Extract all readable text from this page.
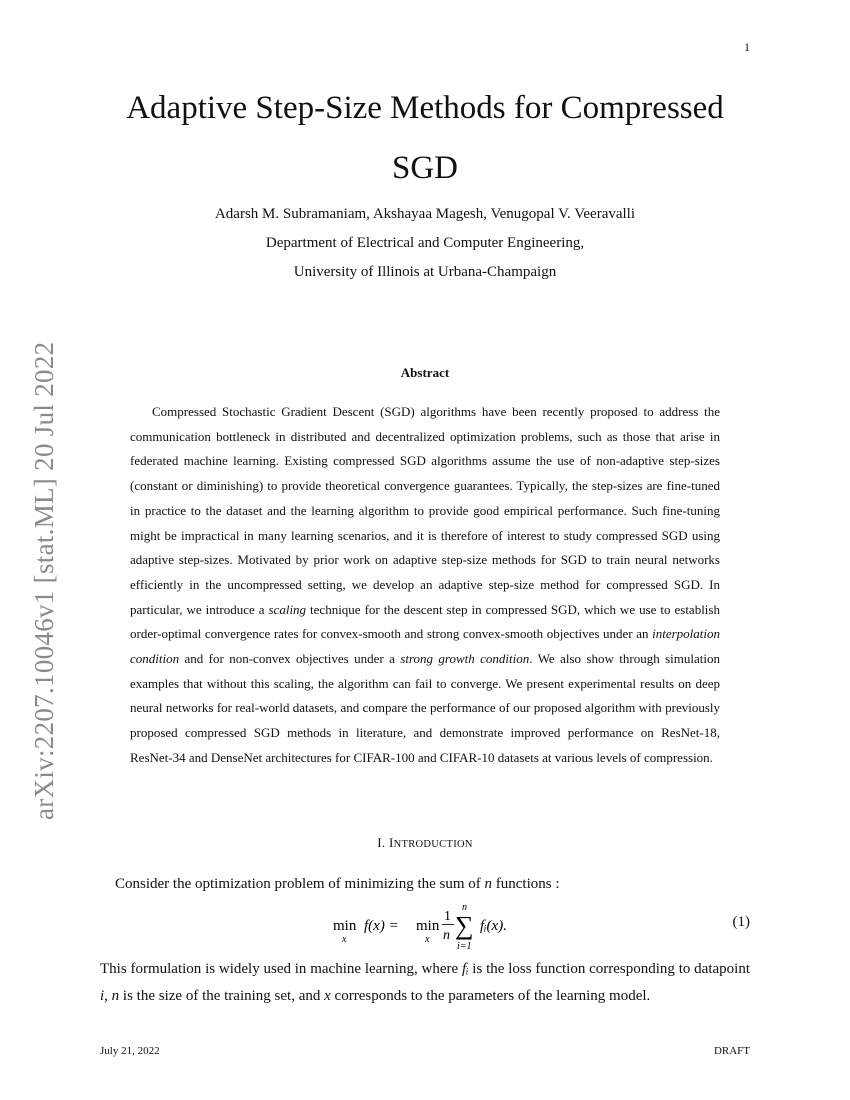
1
arXiv:2207.10046v1 [stat.ML] 20 Jul 2022
Adaptive Step-Size Methods for Compressed
SGD
Adarsh M. Subramaniam, Akshayaa Magesh, Venugopal V. Veeravalli
Department of Electrical and Computer Engineering,
University of Illinois at Urbana-Champaign
Abstract

Compressed Stochastic Gradient Descent (SGD) algorithms have been recently proposed to address the communication bottleneck in distributed and decentralized optimization problems, such as those that arise in federated machine learning. Existing compressed SGD algorithms assume the use of non-adaptive step-sizes (constant or diminishing) to provide theoretical convergence guarantees. Typically, the step-sizes are fine-tuned in practice to the dataset and the learning algorithm to provide good empirical performance. Such fine-tuning might be impractical in many learning scenarios, and it is therefore of interest to study compressed SGD using adaptive step-sizes. Motivated by prior work on adaptive step-size methods for SGD to train neural networks efficiently in the uncompressed setting, we develop an adaptive step-size method for compressed SGD. In particular, we introduce a scaling technique for the descent step in compressed SGD, which we use to establish order-optimal convergence rates for convex-smooth and strong convex-smooth objectives under an interpolation condition and for non-convex objectives under a strong growth condition. We also show through simulation examples that without this scaling, the algorithm can fail to converge. We present experimental results on deep neural networks for real-world datasets, and compare the performance of our proposed algorithm with previously proposed compressed SGD methods in literature, and demonstrate improved performance on ResNet-18, ResNet-34 and DenseNet architectures for CIFAR-100 and CIFAR-10 datasets at various levels of compression.

I. INTRODUCTION

Consider the optimization problem of minimizing the sum of n functions :

min
x
f(x) = min
x
1
n
n
∑
i=1
fᵢ(x).	(1)

This formulation is widely used in machine learning, where fᵢ is the loss function corresponding to datapoint i, n is the size of the training set, and x corresponds to the parameters of the learning model.

July 21, 2022	DRAFT
